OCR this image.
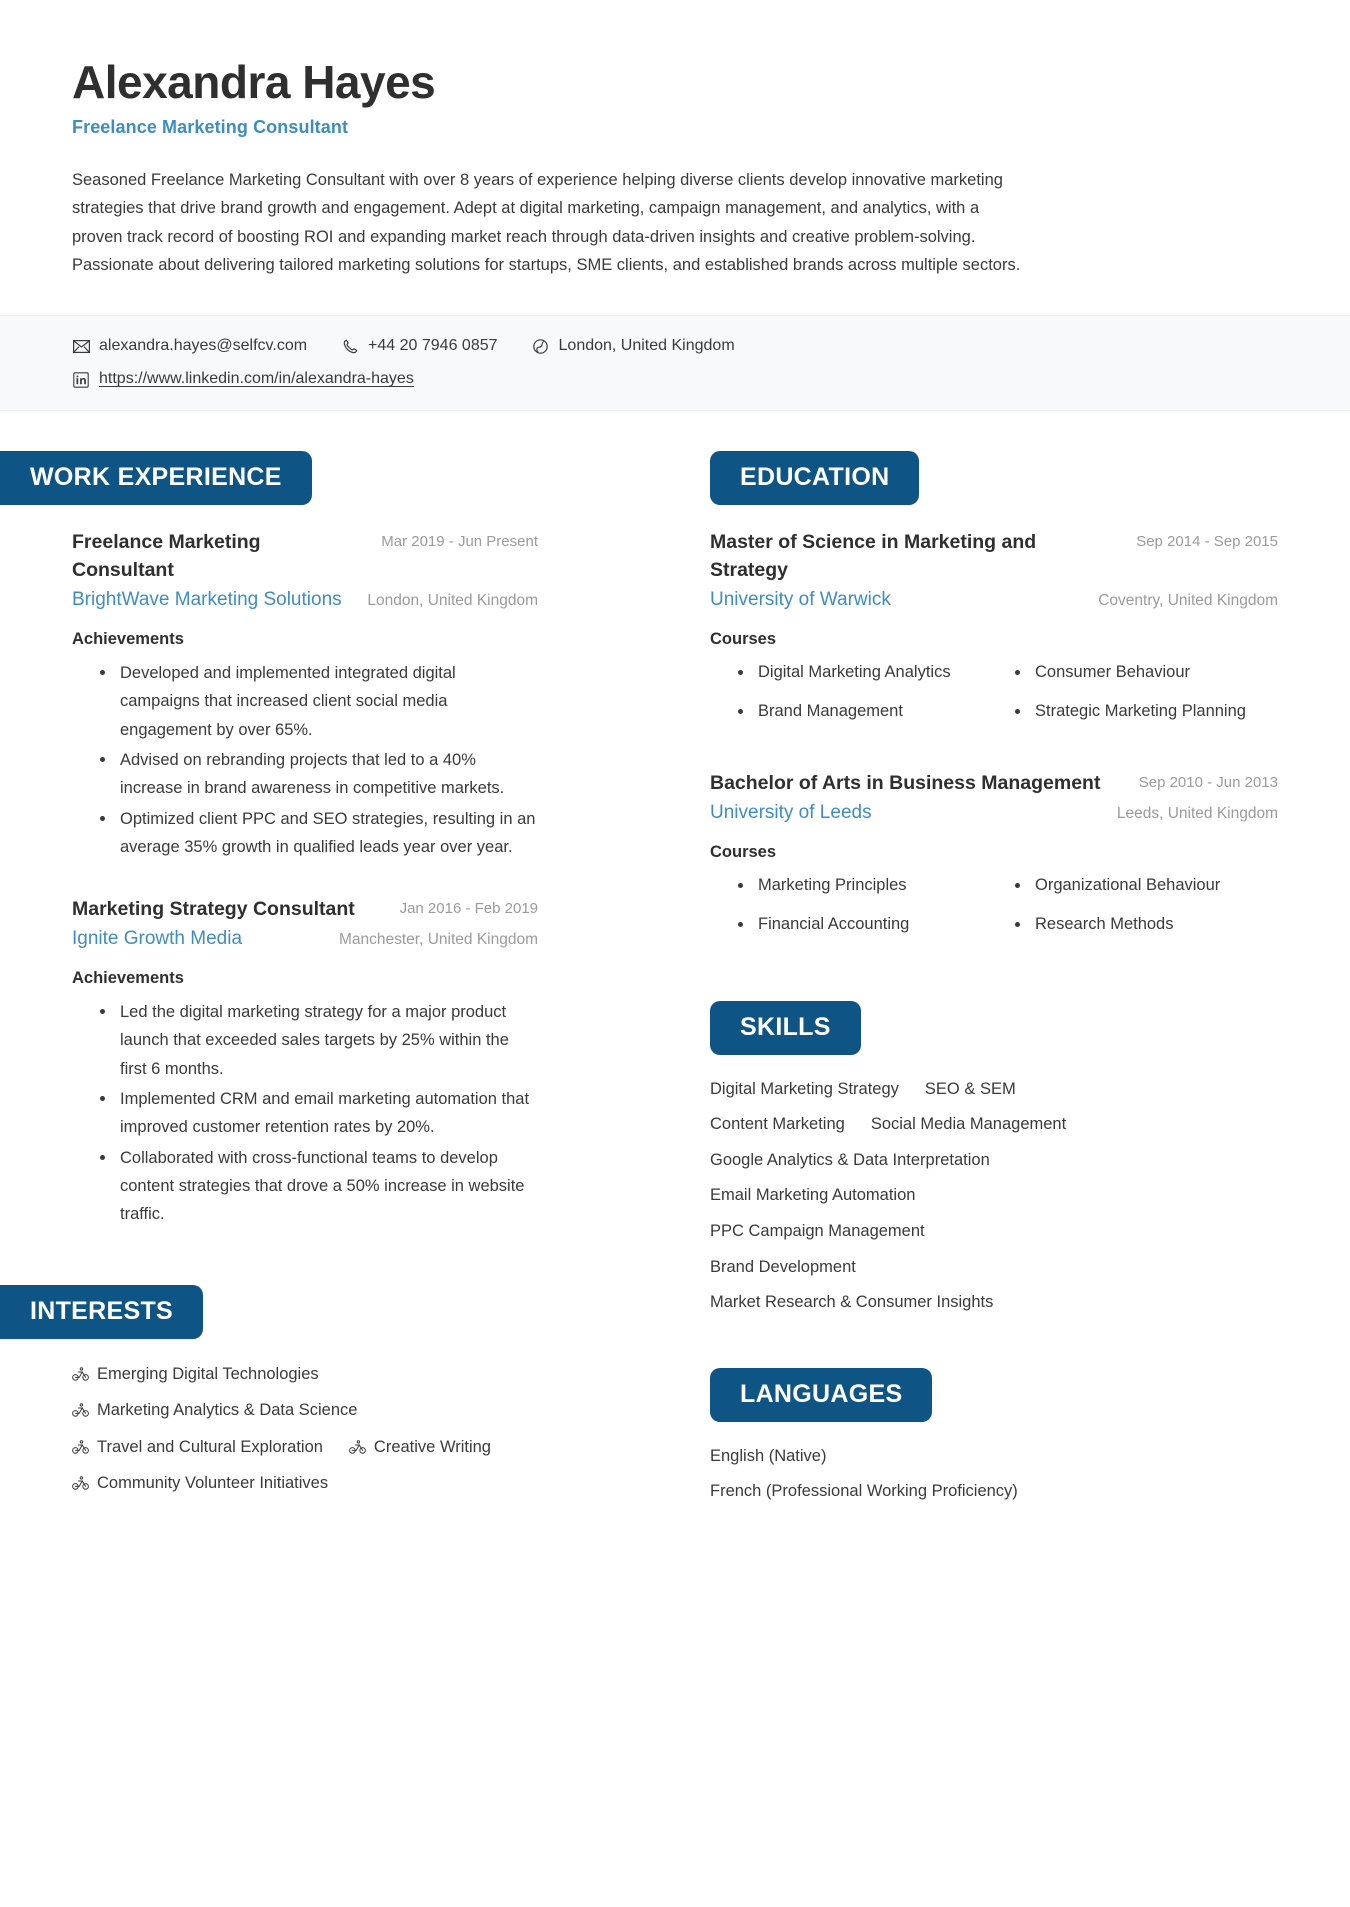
Alexandra Hayes
Freelance Marketing Consultant
Seasoned Freelance Marketing Consultant with over 8 years of experience helping diverse clients develop innovative marketing strategies that drive brand growth and engagement. Adept at digital marketing, campaign management, and analytics, with a proven track record of boosting ROI and expanding market reach through data-driven insights and creative problem-solving. Passionate about delivering tailored marketing solutions for startups, SME clients, and established brands across multiple sectors.
alexandra.hayes@selfcv.com	+44 20 7946 0857	London, United Kingdom
https://www.linkedin.com/in/alexandra-hayes
WORK EXPERIENCE
Freelance Marketing Consultant
Mar 2019 - Jun Present
BrightWave Marketing Solutions London, United Kingdom
Achievements
Developed and implemented integrated digital campaigns that increased client social media engagement by over 65%.
Advised on rebranding projects that led to a 40% increase in brand awareness in competitive markets.
Optimized client PPC and SEO strategies, resulting in an average 35% growth in qualified leads year over year.
Marketing Strategy Consultant	Jan 2016 - Feb 2019
Ignite Growth Media	Manchester, United Kingdom
Achievements
Led the digital marketing strategy for a major product launch that exceeded sales targets by 25% within the first 6 months.
Implemented CRM and email marketing automation that improved customer retention rates by 20%.
Collaborated with cross-functional teams to develop content strategies that drove a 50% increase in website traffic.
INTERESTS
Emerging Digital Technologies
Marketing Analytics & Data Science
Travel and Cultural Exploration	Creative Writing
Community Volunteer Initiatives
EDUCATION
Master of Science in Marketing and Strategy
Sep 2014 - Sep 2015
University of Warwick	Coventry, United Kingdom
Courses
Digital Marketing Analytics	Consumer Behaviour
Brand Management	Strategic Marketing Planning
Bachelor of Arts in Business Management	Sep 2010 - Jun 2013
University of Leeds	Leeds, United Kingdom
Courses
Marketing Principles	Organizational Behaviour
Financial Accounting	Research Methods
SKILLS
Digital Marketing Strategy SEO & SEM
Content Marketing Social Media Management
Google Analytics & Data Interpretation
Email Marketing Automation
PPC Campaign Management
Brand Development
Market Research & Consumer Insights
LANGUAGES
English (Native)
French (Professional Working Proficiency)
